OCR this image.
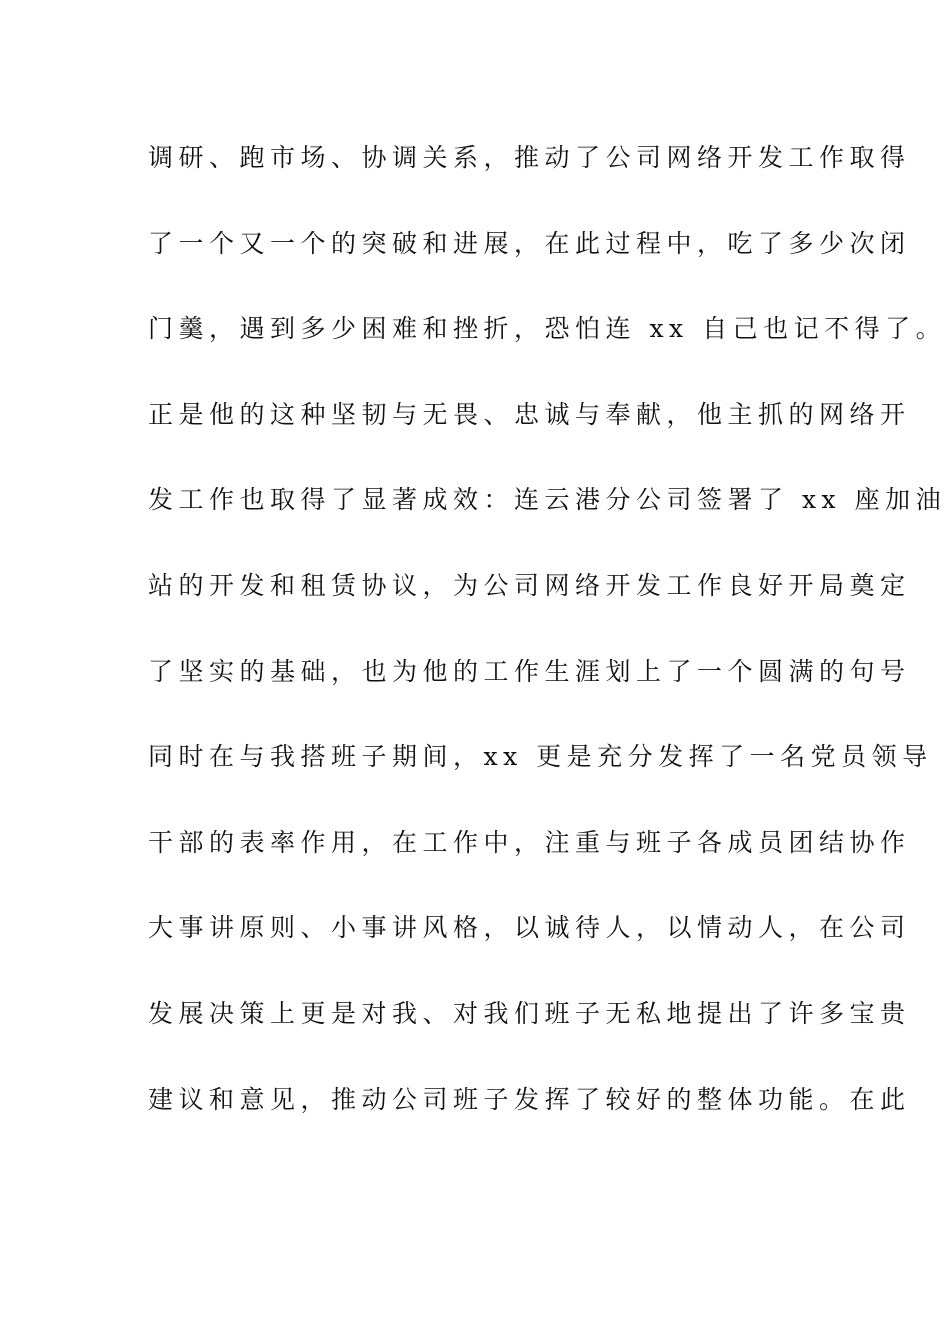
调研、跑市场、协调关系，推动了公司网络开发工作取得
了一个又一个的突破和进展，在此过程中，吃了多少次闭
门羹，遇到多少困难和挫折，恐怕连 xx 自己也记不得了。
正是他的这种坚韧与无畏、忠诚与奉献，他主抓的网络开
发工作也取得了显著成效：连云港分公司签署了 xx 座加油
站的开发和租赁协议，为公司网络开发工作良好开局奠定
了坚实的基础，也为他的工作生涯划上了一个圆满的句号
同时在与我搭班子期间，xx 更是充分发挥了一名党员领导
干部的表率作用，在工作中，注重与班子各成员团结协作
大事讲原则、小事讲风格，以诚待人，以情动人，在公司
发展决策上更是对我、对我们班子无私地提出了许多宝贵
建议和意见，推动公司班子发挥了较好的整体功能。在此
